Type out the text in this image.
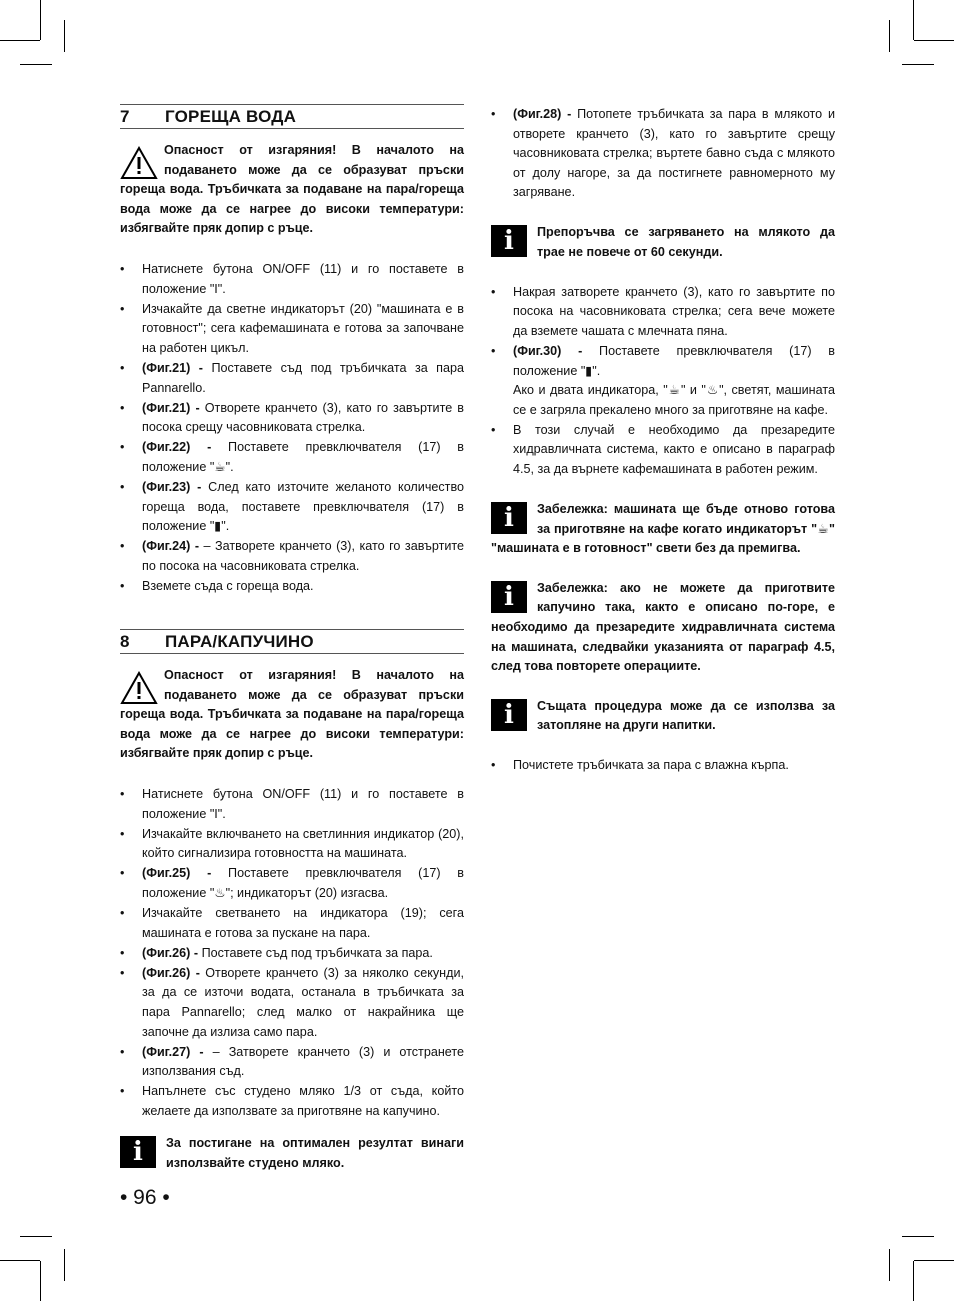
7	ГОРЕЩА ВОДА
Опасност от изгаряния! В началото на подаването може да се образуват пръски гореща вода. Тръбичката за подаване на пара/гореща вода може да се нагрее до високи температури: избягвайте пряк допир с ръце.
• Натиснете бутона ON/OFF (11) и го поставете в положение "I".
• Изчакайте да светне индикаторът (20) "машината е в готовност"; сега кафемашината е готова за започване на работен цикъл.
• (Фиг.21) - Поставете съд под тръбичката за пара Pannarello.
• (Фиг.21) - Отворете кранчето (3), като го завъртите в посока срещу часовниковата стрелка.
• (Фиг.22) - Поставете превключвателя (17) в положение "☕".
• (Фиг.23) - След като източите желаното количество гореща вода, поставете превключвателя (17) в положение "▮".
• (Фиг.24) - – Затворете кранчето (3), като го завъртите по посока на часовниковата стрелка.
• Вземете съда с гореща вода.
8	ПАРА/КАПУЧИНО
Опасност от изгаряния! В началото на подаването може да се образуват пръски гореща вода. Тръбичката за подаване на пара/гореща вода може да се нагрее до високи температури: избягвайте пряк допир с ръце.
• Натиснете бутона ON/OFF (11) и го поставете в положение "I".
• Изчакайте включването на светлинния индикатор (20), който сигнализира готовността на машината.
• (Фиг.25) - Поставете превключвателя (17) в положение "♨"; индикаторът (20) изгасва.
• Изчакайте светването на индикатора (19); сега машината е готова за пускане на пара.
• (Фиг.26) - Поставете съд под тръбичката за пара.
• (Фиг.26) - Отворете кранчето (3) за няколко секунди, за да се източи водата, останала в тръбичката за пара Pannarello; след малко от накрайника ще започне да излиза само пара.
• (Фиг.27) - – Затворете кранчето (3) и отстранете използвания съд.
• Напълнете със студено мляко 1/3 от съда, който желаете да използвате за приготвяне на капучино.
i За постигане на оптимален резултат винаги използвайте студено мляко.
• (Фиг.28) - Потопете тръбичката за пара в млякото и отворете кранчето (3), като го завъртите срещу часовниковата стрелка; въртете бавно съда с млякото от долу нагоре, за да постигнете равномерното му загряване.
i Препоръчва се загряването на млякото да трае не повече от 60 секунди.
• Накрая затворете кранчето (3), като го завъртите по посока на часовниковата стрелка; сега вече можете да вземете чашата с млечната пяна.
• (Фиг.30) - Поставете превключвателя (17) в положение "▮".
Ако и двата индикатора, "☕" и "♨", светят, машината се е загряла прекалено много за приготвяне на кафе.
• В този случай е необходимо да презаредите хидравличната система, както е описано в параграф 4.5, за да върнете кафемашината в работен режим.
i Забележка: машината ще бъде отново готова за приготвяне на кафе когато индикаторът "☕" "машината е в готовност" свети без да премигва.
i Забележка: ако не можете да приготвите капучино така, както е описано по-горе, е необходимо да презаредите хидравличната система на машината, следвайки указанията от параграф 4.5, след това повторете операциите.
i Същата процедура може да се използва за затопляне на други напитки.
• Почистете тръбичката за пара с влажна кърпа.
• 96 •
